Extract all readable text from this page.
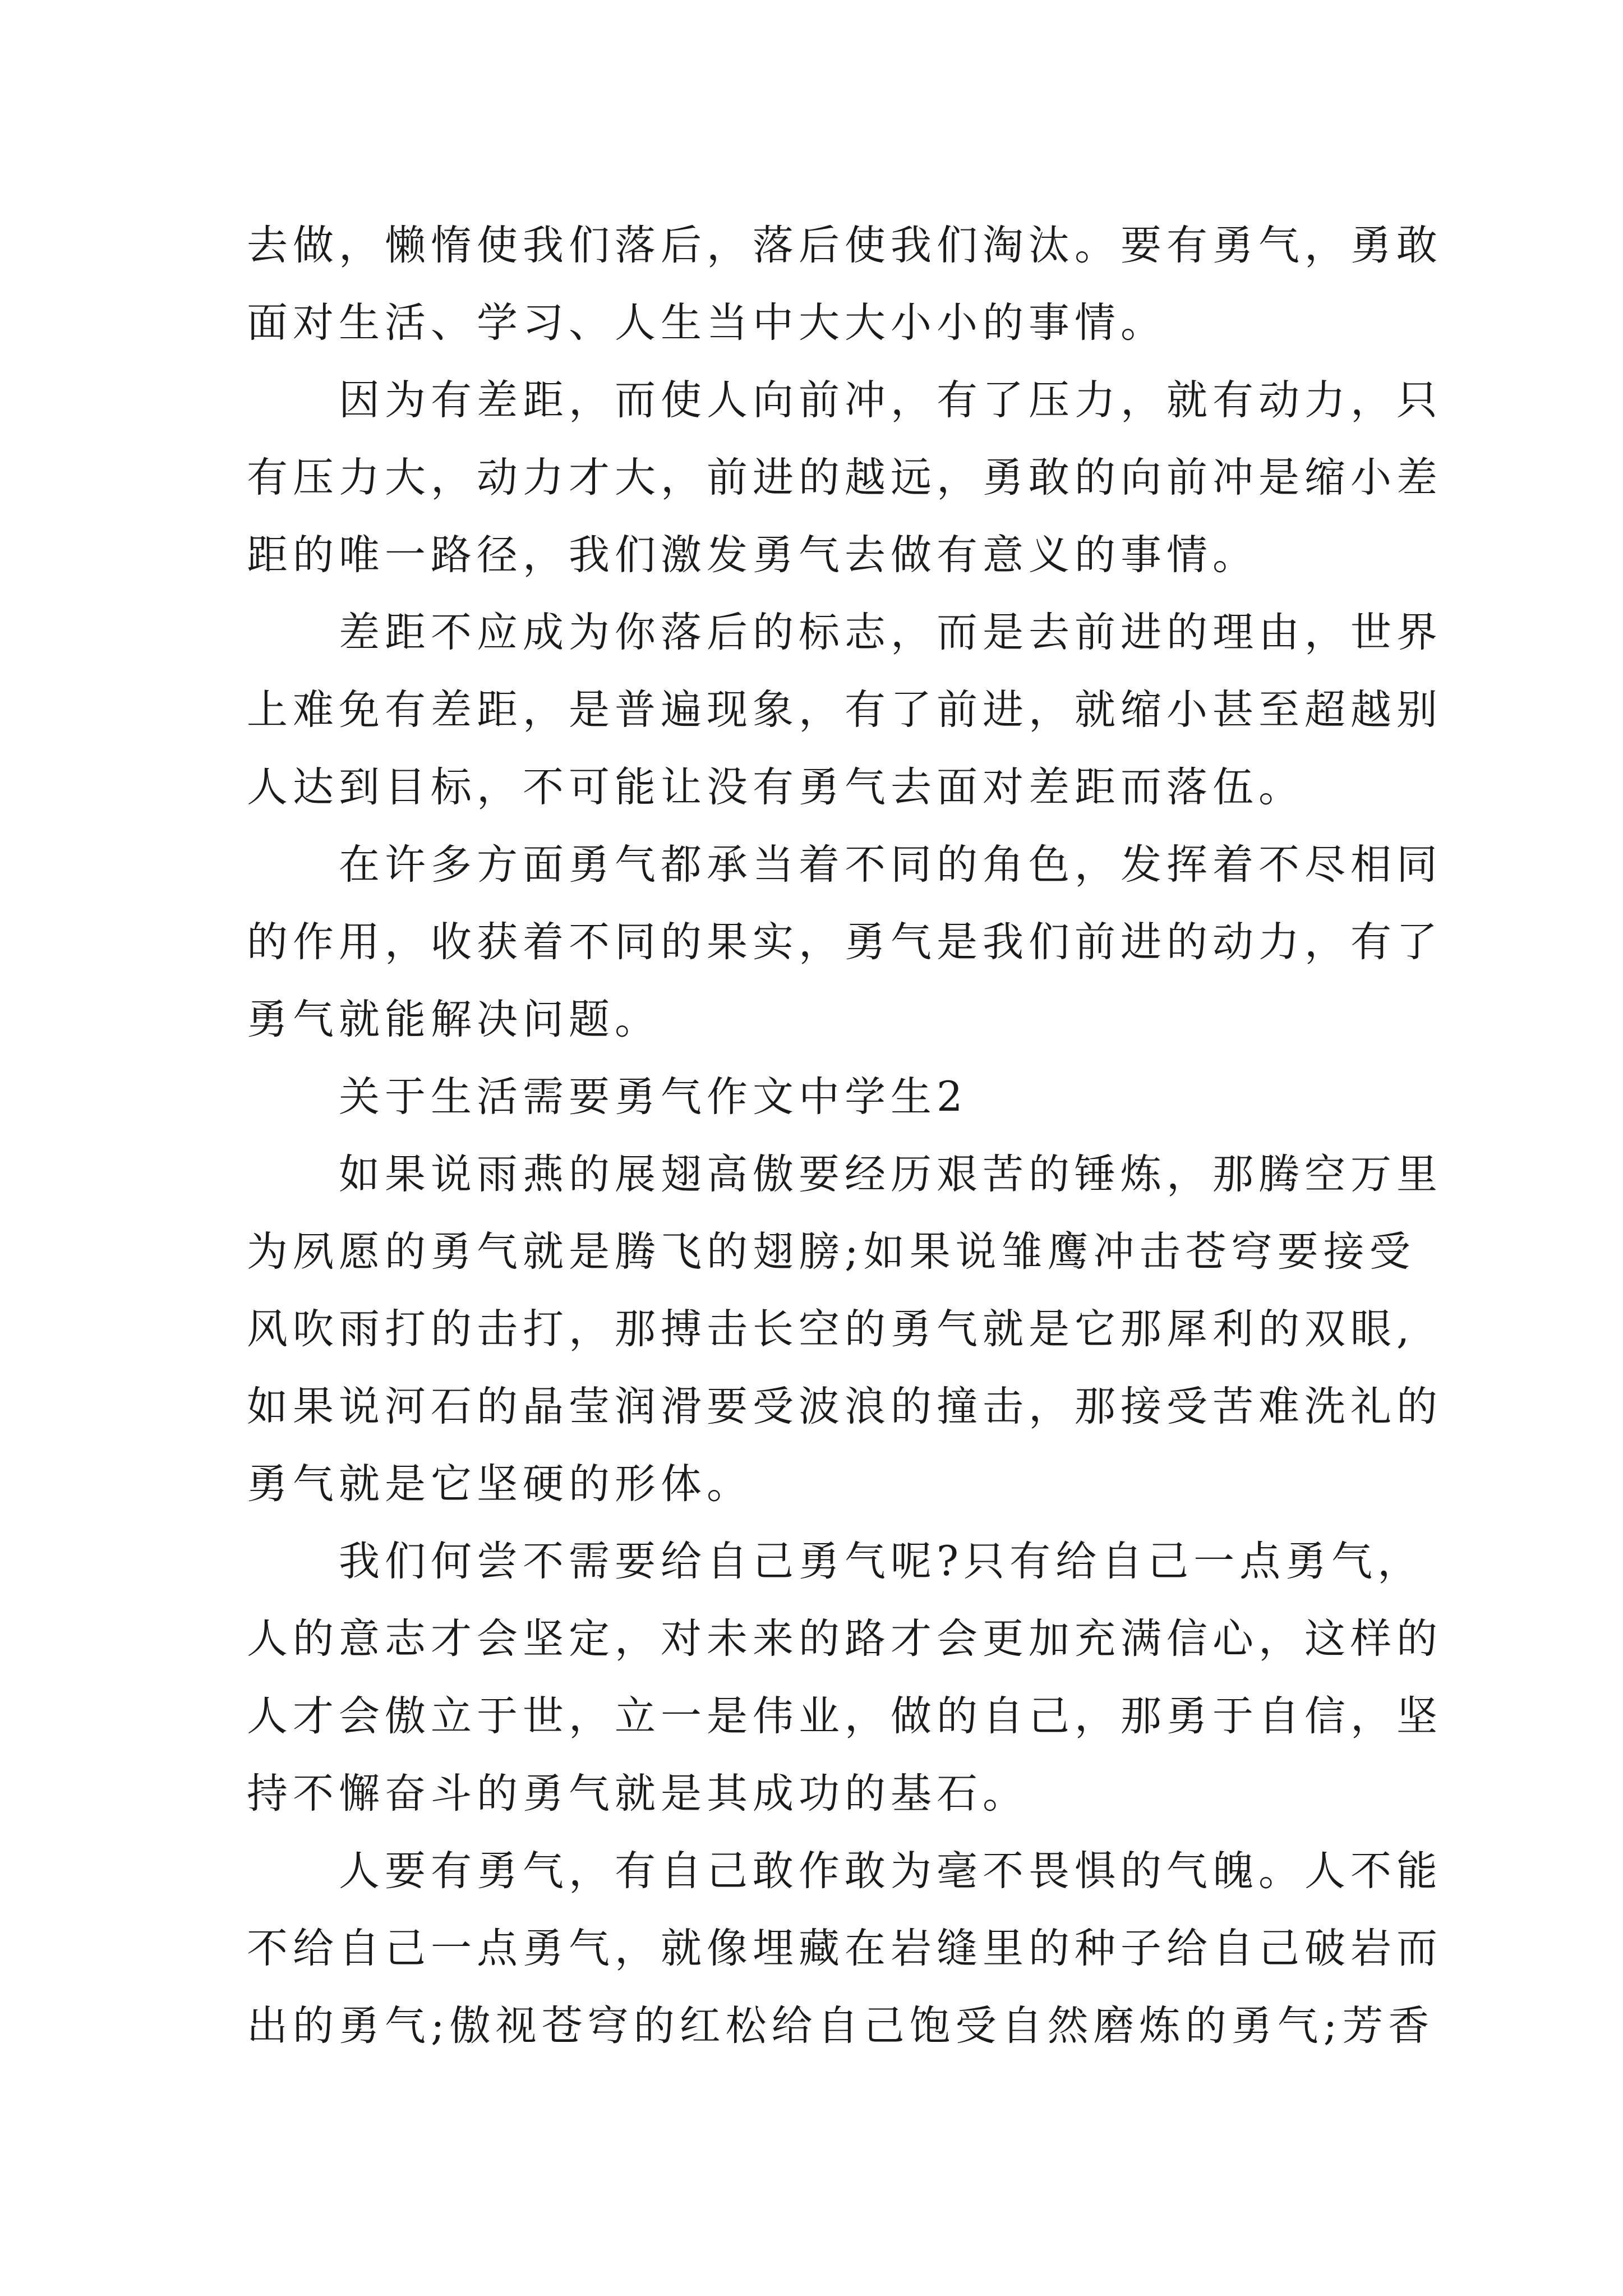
去做，懒惰使我们落后，落后使我们淘汰。要有勇气，勇敢

面对生活、学习、人生当中大大小小的事情。

因为有差距，而使人向前冲，有了压力，就有动力，只

有压力大，动力才大，前进的越远，勇敢的向前冲是缩小差

距的唯一路径，我们激发勇气去做有意义的事情。

差距不应成为你落后的标志，而是去前进的理由，世界

上难免有差距，是普遍现象，有了前进，就缩小甚至超越别

人达到目标，不可能让没有勇气去面对差距而落伍。

在许多方面勇气都承当着不同的角色，发挥着不尽相同

的作用，收获着不同的果实，勇气是我们前进的动力，有了

勇气就能解决问题。

关于生活需要勇气作文中学生2

如果说雨燕的展翅高傲要经历艰苦的锤炼，那腾空万里

为夙愿的勇气就是腾飞的翅膀;如果说雏鹰冲击苍穹要接受

风吹雨打的击打，那搏击长空的勇气就是它那犀利的双眼,

如果说河石的晶莹润滑要受波浪的撞击，那接受苦难洗礼的

勇气就是它坚硬的形体。

我们何尝不需要给自己勇气呢?只有给自己一点勇气，

人的意志才会坚定，对未来的路才会更加充满信心，这样的

人才会傲立于世，立一是伟业，做的自己，那勇于自信，坚

持不懈奋斗的勇气就是其成功的基石。

人要有勇气，有自己敢作敢为毫不畏惧的气魄。人不能

不给自己一点勇气，就像埋藏在岩缝里的种子给自己破岩而

出的勇气;傲视苍穹的红松给自己饱受自然磨炼的勇气;芳香
